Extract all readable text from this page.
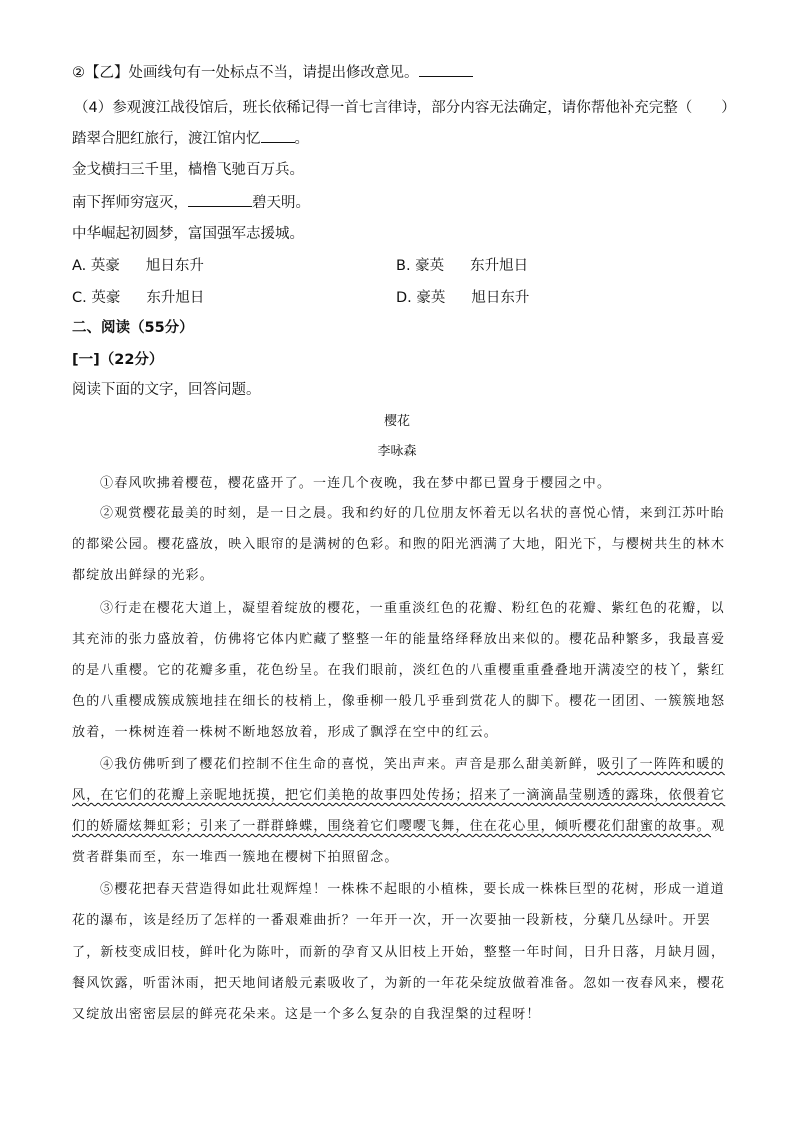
②【乙】处画线句有一处标点不当，请提出修改意见。
（4）参观渡江战役馆后，班长依稀记得一首七言律诗，部分内容无法确定，请你帮他补充完整（　　）
踏翠合肥红旅行，渡江馆内忆 。
金戈横扫三千里，樯橹飞驰百万兵。
南下挥师穷寇灭，	碧天明。
中华崛起初圆梦，富国强军志援城。
A. 英豪 旭日东升	B. 豪英 东升旭日
C. 英豪 东升旭日	D. 豪英 旭日东升
二、阅读（55分）
[一]（22分）
阅读下面的文字，回答问题。
樱花
李咏森
①春风吹拂着樱苞，樱花盛开了。一连几个夜晚，我在梦中都已置身于樱园之中。
②观赏樱花最美的时刻，是一日之晨。我和约好的几位朋友怀着无以名状的喜悦心情，来到江苏叶眙
的都梁公园。樱花盛放，映入眼帘的是满树的色彩。和煦的阳光洒满了大地，阳光下，与樱树共生的林木
都绽放出鲜绿的光彩。
③行走在樱花大道上，凝望着绽放的樱花，一重重淡红色的花瓣、粉红色的花瓣、紫红色的花瓣，以
其充沛的张力盛放着，仿佛将它体内贮藏了整整一年的能量络绎释放出来似的。樱花品种繁多，我最喜爱
的是八重樱。它的花瓣多重，花色纷呈。在我们眼前，淡红色的八重樱重重叠叠地开满凌空的枝丫，紫红
色的八重樱成簇成簇地挂在细长的枝梢上，像垂柳一般几乎垂到赏花人的脚下。樱花一团团、一簇簇地怒
放着，一株树连着一株树不断地怒放着，形成了飘浮在空中的红云。
④我仿佛听到了樱花们控制不住生命的喜悦，笑出声来。声音是那么甜美新鲜，吸引了一阵阵和暖的
风，在它们的花瓣上亲昵地抚摸，把它们美艳的故事四处传扬；招来了一滴滴晶莹剔透的露珠，依偎着它
们的娇靥炫舞虹彩；引来了一群群蜂蝶，围绕着它们嘤嘤飞舞，住在花心里，倾听樱花们甜蜜的故事。观
赏者群集而至，东一堆西一簇地在樱树下拍照留念。
⑤樱花把春天营造得如此壮观辉煌！一株株不起眼的小植株，要长成一株株巨型的花树，形成一道道
花的瀑布，该是经历了怎样的一番艰难曲折？一年开一次，开一次要抽一段新枝，分蘖几丛绿叶。开罢
了，新枝变成旧枝，鲜叶化为陈叶，而新的孕育又从旧枝上开始，整整一年时间，日升日落，月缺月圆，
餐风饮露，听雷沐雨，把天地间诸般元素吸收了，为新的一年花朵绽放做着准备。忽如一夜春风来，樱花
又绽放出密密层层的鲜亮花朵来。这是一个多么复杂的自我涅槃的过程呀！
